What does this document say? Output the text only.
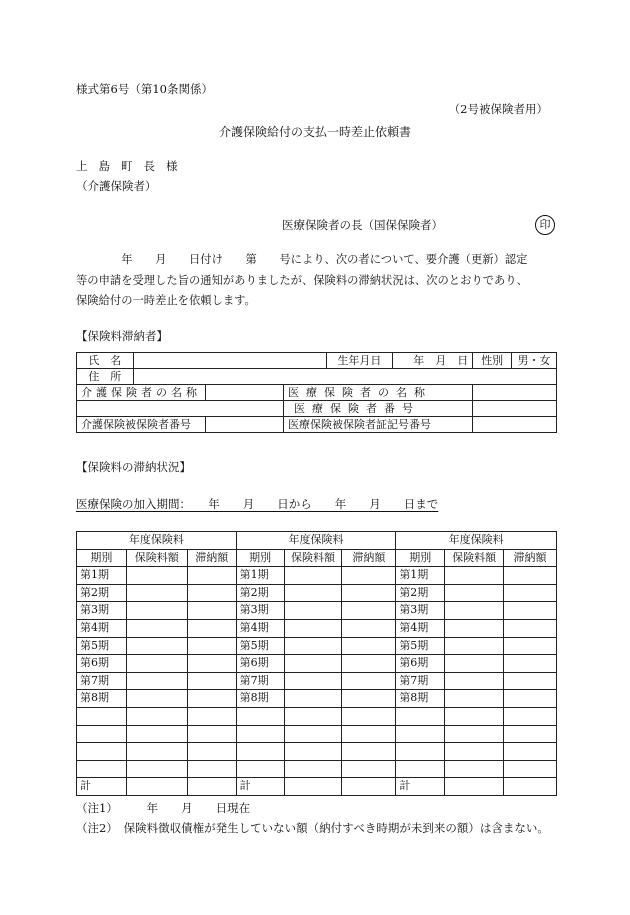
様式第6号（第10条関係）
（2号被保険者用）
介護保険給付の支払一時差止依頼書
上島町長様
（介護保険者）
医療保険者の長（国保保険者）	印
　　　　年　　月　　日付け　　第　　号により、次の者について、要介護（更新）認定
等の申請を受理した旨の通知がありましたが、保険料の滞納状況は、次のとおりであり、
保険給付の一時差止を依頼します。
【保険料滞納者】
氏　名				生年月日	年　月　日	性別	男・女
住　所							
介護保険者の名称			医療保険者の名称				
			医療保険者番号				
介護保険被保険者番号			医療保険被保険者証記号番号				
【保険料の滞納状況】
医療保険の加入期間：　　年　　月　　日から　　年　　月　　日まで
年度保険料			年度保険料			年度保険料		
期別	保険料額	滞納額	期別	保険料額	滞納額	期別	保険料額	滞納額
第1期			第1期			第1期		
第2期			第2期			第2期		
第3期			第3期			第3期		
第4期			第4期			第4期		
第5期			第5期			第5期		
第6期			第6期			第6期		
第7期			第7期			第7期		
第8期			第8期			第8期		

計			計			計		
（注1）　　　年　　月　　日現在
（注2）　保険料徴収債権が発生していない額（納付すべき時期が未到来の額）は含まない。
